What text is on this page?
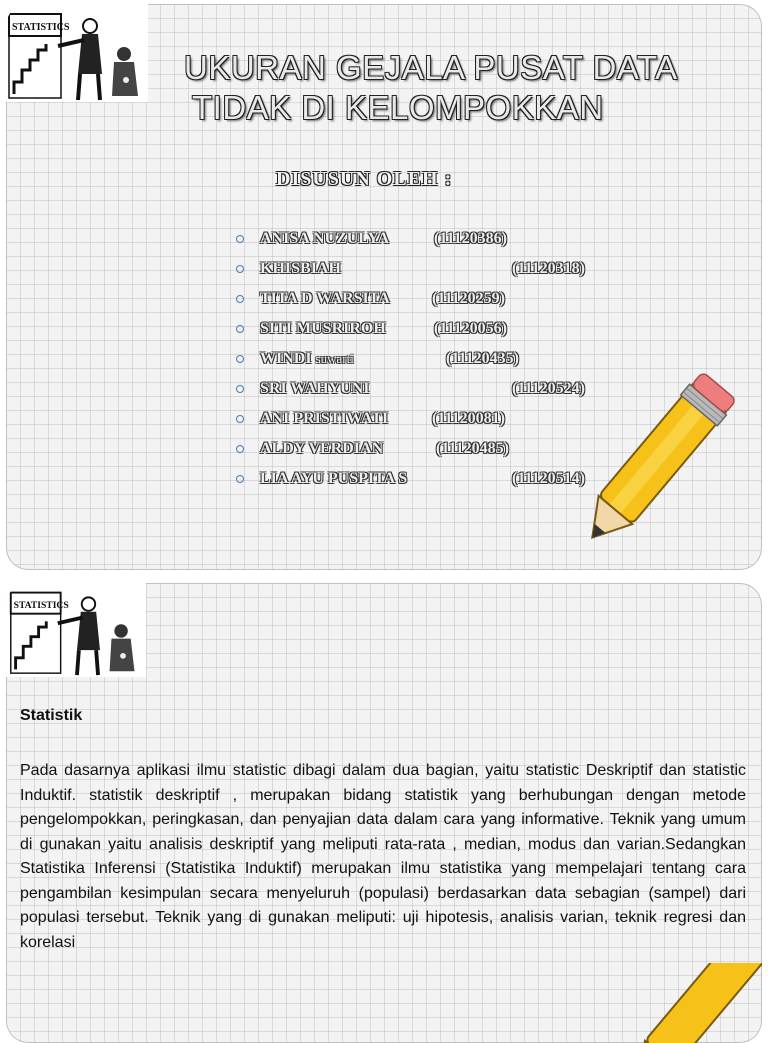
STATISTICS
UKURAN GEJALA PUSAT DATA
TIDAK DI KELOMPOKKAN
DISUSUN OLEH :
ANISA NUZULYA	(11120386)
KHISBIAH	(11120318)
TITA D WARSITA	(11120259)
SITI MUSRIROH	(11120056)
WINDI suwarti	(11120435)
SRI WAHYUNI	(11120524)
ANI PRISTIWATI	(11120081)
ALDY VERDIAN	(11120485)
LIA AYU PUSPITA S	(11120514)
STATISTICS
Statistik

Pada dasarnya aplikasi ilmu statistic dibagi dalam dua bagian, yaitu statistic Deskriptif dan statistic Induktif. statistik deskriptif , merupakan bidang statistik yang berhubungan dengan metode pengelompokkan, peringkasan, dan penyajian data dalam cara yang informative. Teknik yang umum di gunakan yaitu analisis deskriptif yang meliputi rata-rata , median, modus dan varian.Sedangkan Statistika Inferensi (Statistika Induktif) merupakan ilmu statistika yang mempelajari tentang cara pengambilan kesimpulan secara menyeluruh (populasi) berdasarkan data sebagian (sampel) dari populasi tersebut. Teknik yang di gunakan meliputi: uji hipotesis, analisis varian, teknik regresi dan korelasi
